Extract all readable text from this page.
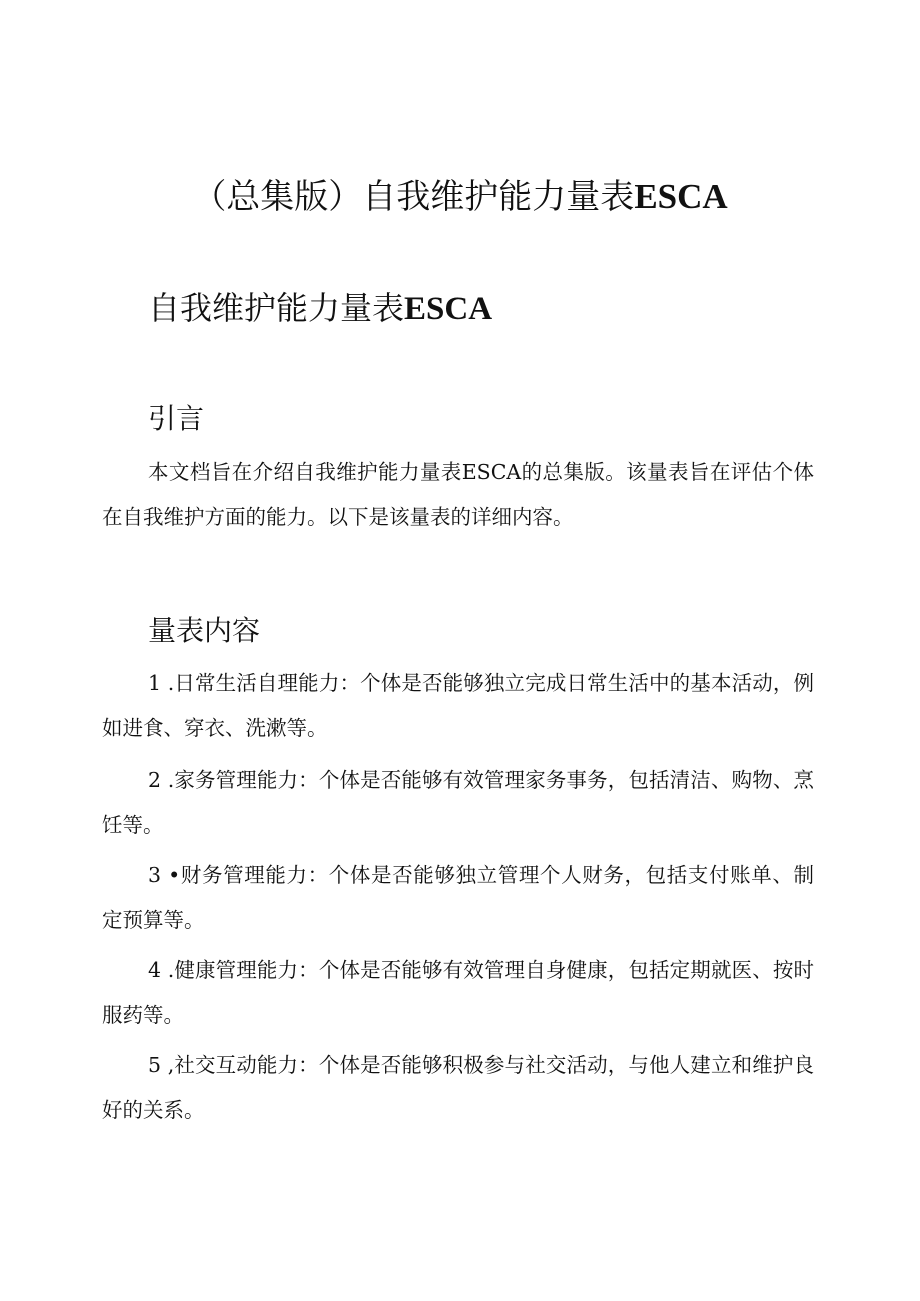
（总集版）自我维护能力量表ESCA
自我维护能力量表ESCA
引言

本文档旨在介绍自我维护能力量表ESCA的总集版。该量表旨在评估个体在自我维护方面的能力。以下是该量表的详细内容。

量表内容

1 .日常生活自理能力：个体是否能够独立完成日常生活中的基本活动，例如进食、穿衣、洗漱等。

2 .家务管理能力：个体是否能够有效管理家务事务，包括清洁、购物、烹饪等。

3 •财务管理能力：个体是否能够独立管理个人财务，包括支付账单、制定预算等。

4 .健康管理能力：个体是否能够有效管理自身健康，包括定期就医、按时服药等。

5 ,社交互动能力：个体是否能够积极参与社交活动，与他人建立和维护良好的关系。
